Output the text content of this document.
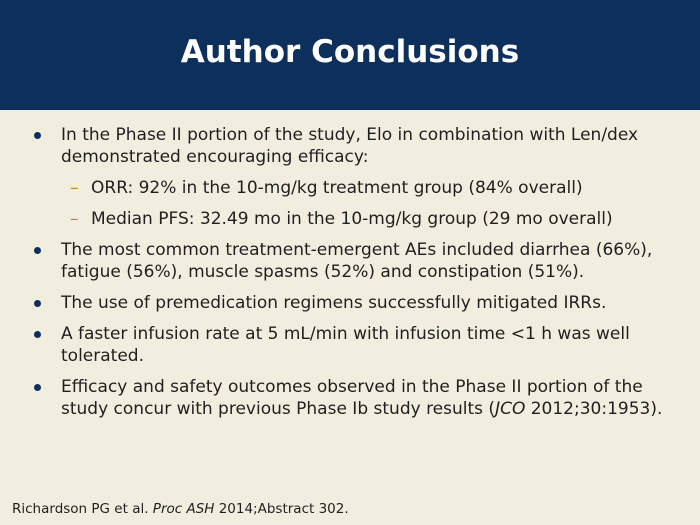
Author Conclusions
In the Phase II portion of the study, Elo in combination with Len/dex demonstrated encouraging efficacy:
– ORR: 92% in the 10-mg/kg treatment group (84% overall)
– Median PFS: 32.49 mo in the 10-mg/kg group (29 mo overall)
The most common treatment-emergent AEs included diarrhea (66%), fatigue (56%), muscle spasms (52%) and constipation (51%).
The use of premedication regimens successfully mitigated IRRs.
A faster infusion rate at 5 mL/min with infusion time <1 h was well tolerated.
Efficacy and safety outcomes observed in the Phase II portion of the study concur with previous Phase Ib study results (JCO 2012;30:1953).
Richardson PG et al. Proc ASH 2014;Abstract 302.
